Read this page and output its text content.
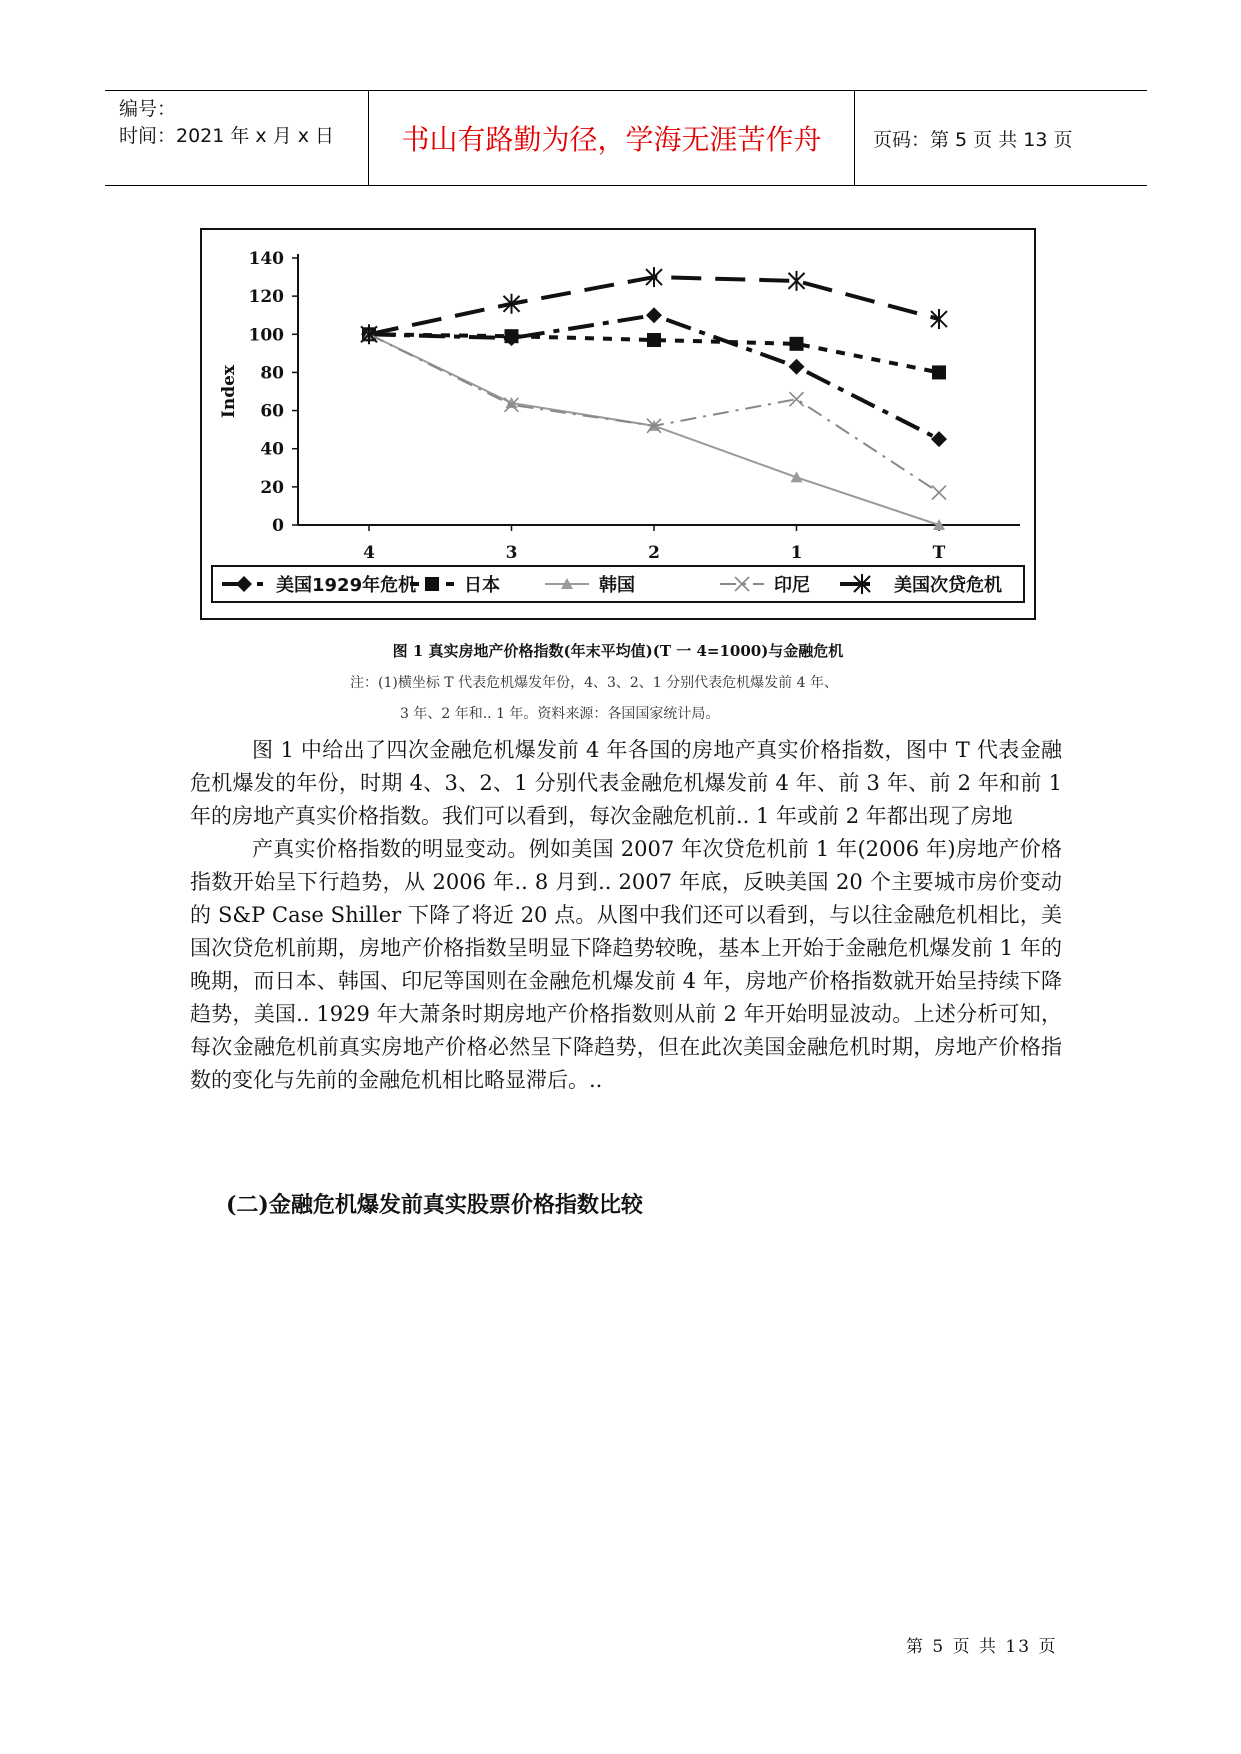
编号：
时间：2021 年 x 月 x 日	书山有路勤为径，学海无涯苦作舟	页码：第 5 页 共 13 页
0
20
40
60
80
100
120
140
4	3	2	1	T
Index
美国1929年危机	日本	韩国	印尼	美国次贷危机
图 1 真实房地产价格指数(年末平均值)(T 一 4=1000)与金融危机
注：(1)横坐标 T 代表危机爆发年份，4、3、2、1 分别代表危机爆发前 4 年、
3 年、2 年和.. 1 年。资料来源：各国国家统计局。

图 1 中给出了四次金融危机爆发前 4 年各国的房地产真实价格指数，图中 T 代表金融危机爆发的年份，时期 4、3、2、1 分别代表金融危机爆发前 4 年、前 3 年、前 2 年和前 1 年的房地产真实价格指数。我们可以看到，每次金融危机前.. 1 年或前 2 年都出现了房地

产真实价格指数的明显变动。例如美国 2007 年次贷危机前 1 年(2006 年)房地产价格指数开始呈下行趋势，从 2006 年.. 8 月到.. 2007 年底，反映美国 20 个主要城市房价变动的 S&P Case Shiller 下降了将近 20 点。从图中我们还可以看到，与以往金融危机相比，美国次贷危机前期，房地产价格指数呈明显下降趋势较晚，基本上开始于金融危机爆发前 1 年的晚期，而日本、韩国、印尼等国则在金融危机爆发前 4 年，房地产价格指数就开始呈持续下降趋势，美国.. 1929 年大萧条时期房地产价格指数则从前 2 年开始明显波动。上述分析可知，每次金融危机前真实房地产价格必然呈下降趋势，但在此次美国金融危机时期，房地产价格指数的变化与先前的金融危机相比略显滞后。..

(二)金融危机爆发前真实股票价格指数比较
第 5 页 共 13 页
